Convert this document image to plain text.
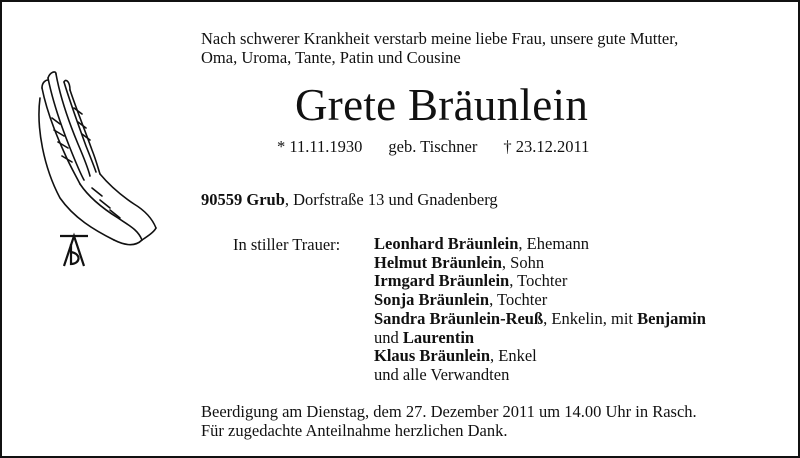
Nach schwerer Krankheit verstarb meine liebe Frau, unsere gute Mutter,
Oma, Uroma, Tante, Patin und Cousine
Grete Bräunlein
* 11.11.1930 geb. Tischner † 23.12.2011
90559 Grub, Dorfstraße 13 und Gnadenberg
In stiller Trauer: Leonhard Bräunlein, Ehemann
Helmut Bräunlein, Sohn
Irmgard Bräunlein, Tochter
Sonja Bräunlein, Tochter
Sandra Bräunlein-Reuß, Enkelin, mit Benjamin
und Laurentin
Klaus Bräunlein, Enkel
und alle Verwandten
Beerdigung am Dienstag, dem 27. Dezember 2011 um 14.00 Uhr in Rasch.
Für zugedachte Anteilnahme herzlichen Dank.
